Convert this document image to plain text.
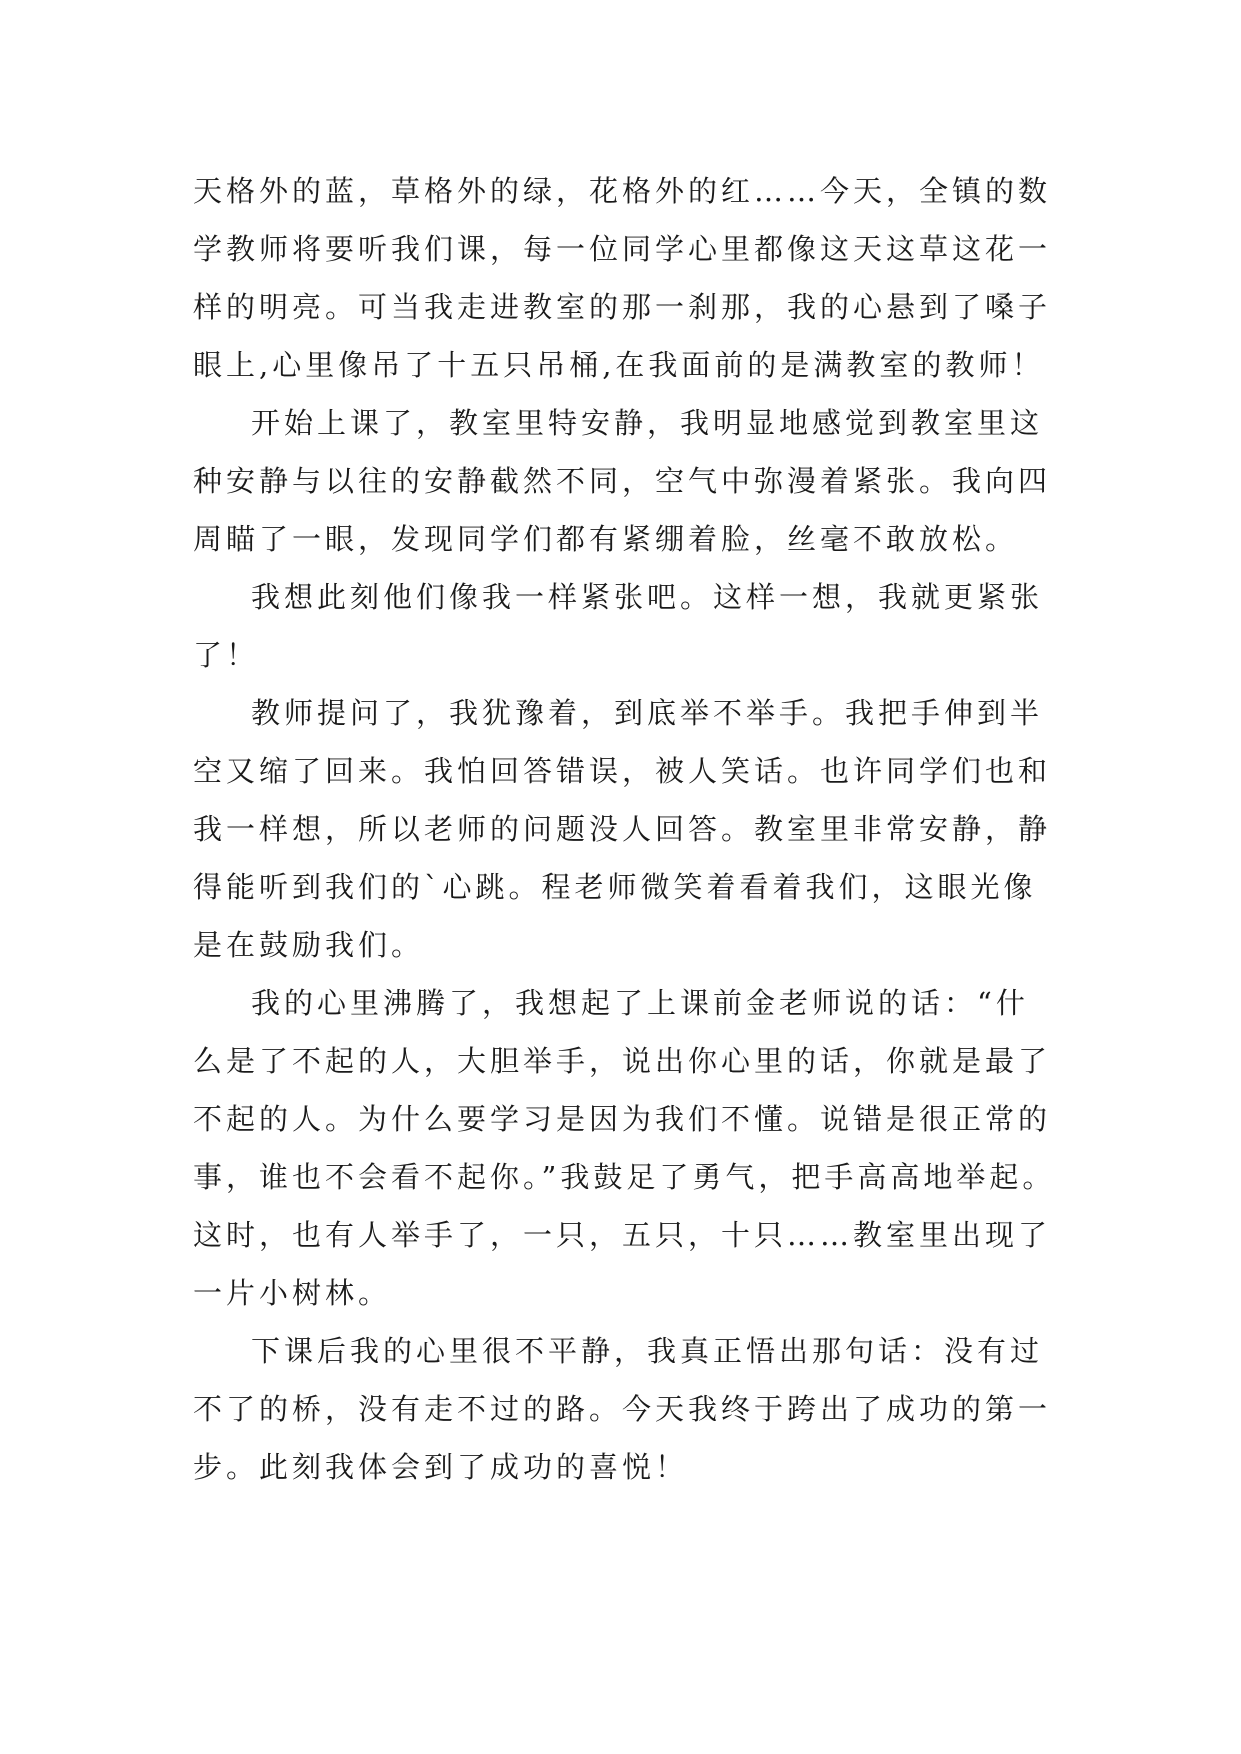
天格外的蓝，草格外的绿，花格外的红……今天，全镇的数
学教师将要听我们课，每一位同学心里都像这天这草这花一
样的明亮。可当我走进教室的那一刹那，我的心悬到了嗓子
眼上,心里像吊了十五只吊桶,在我面前的是满教室的教师！

开始上课了，教室里特安静，我明显地感觉到教室里这
种安静与以往的安静截然不同，空气中弥漫着紧张。我向四
周瞄了一眼，发现同学们都有紧绷着脸，丝毫不敢放松。

我想此刻他们像我一样紧张吧。这样一想，我就更紧张
了！

教师提问了，我犹豫着，到底举不举手。我把手伸到半
空又缩了回来。我怕回答错误，被人笑话。也许同学们也和
我一样想，所以老师的问题没人回答。教室里非常安静，静
得能听到我们的`心跳。程老师微笑着看着我们，这眼光像
是在鼓励我们。

我的心里沸腾了，我想起了上课前金老师说的话：“什
么是了不起的人，大胆举手，说出你心里的话，你就是最了
不起的人。为什么要学习是因为我们不懂。说错是很正常的
事，谁也不会看不起你。”我鼓足了勇气，把手高高地举起。
这时，也有人举手了，一只，五只，十只……教室里出现了
一片小树林。

下课后我的心里很不平静，我真正悟出那句话：没有过
不了的桥，没有走不过的路。今天我终于跨出了成功的第一
步。此刻我体会到了成功的喜悦！
